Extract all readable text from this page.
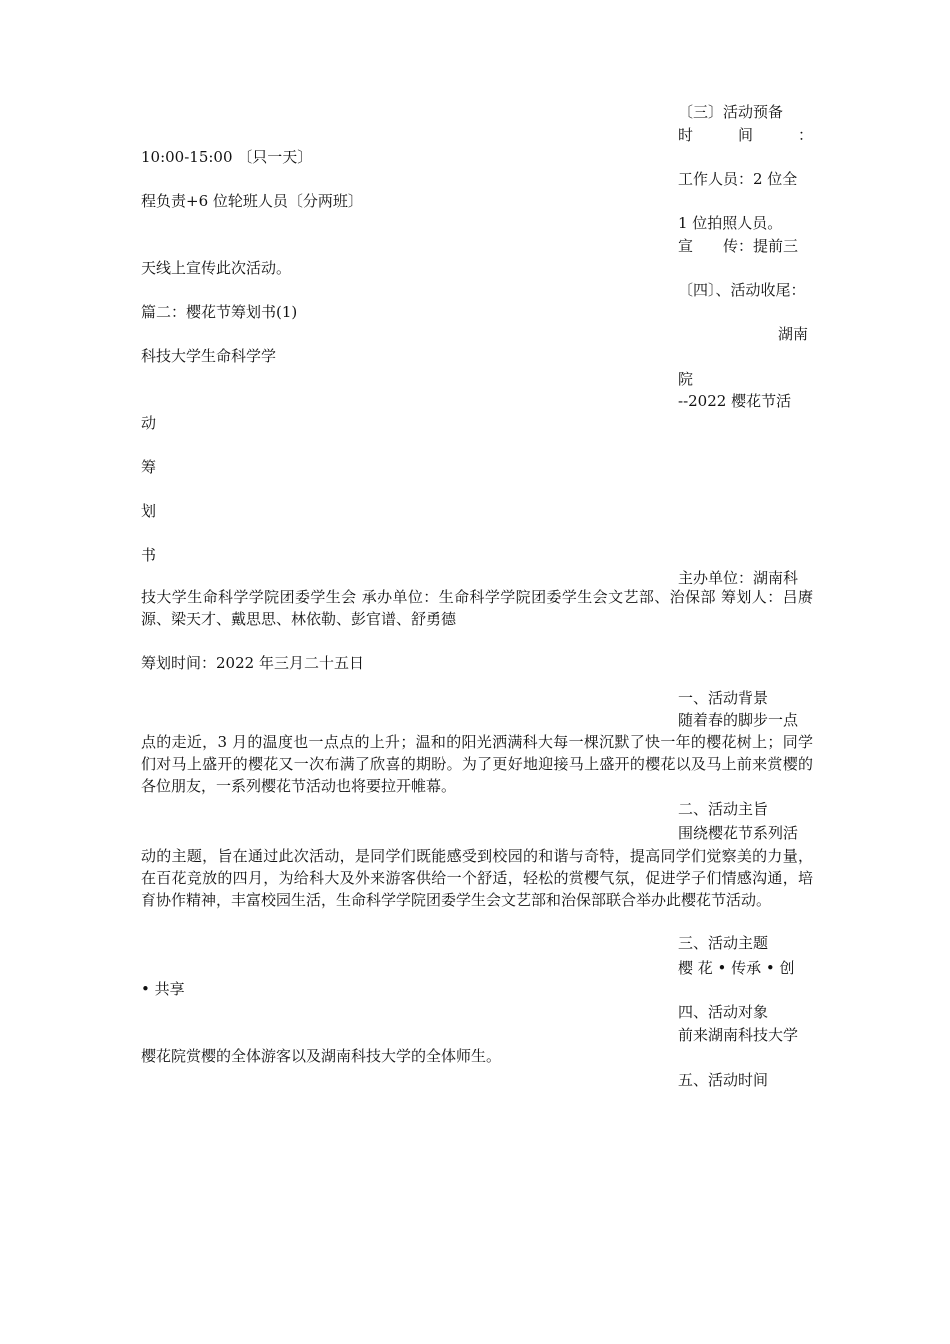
〔三〕活动预备
时	间	：
10:00-15:00 〔只一天〕
工作人员：2 位全
程负责+6 位轮班人员〔分两班〕
1 位拍照人员。
宣 传：提前三
天线上宣传此次活动。
〔四〕、活动收尾：
篇二：樱花节筹划书(1)
湖南
科技大学生命科学学
院
--2022 樱花节活
动
筹
划
书
主办单位：湖南科
技大学生命科学学院团委学生会 承办单位：生命科学学院团委学生会文艺部、治保部 筹划人：吕赓源、梁天才、戴思思、林依勒、彭官谱、舒勇德
筹划时间：2022 年三月二十五日
一、活动背景
随着春的脚步一点
点的走近，3 月的温度也一点点的上升；温和的阳光洒满科大每一棵沉默了快一年的樱花树上；同学们对马上盛开的樱花又一次布满了欣喜的期盼。为了更好地迎接马上盛开的樱花以及马上前来赏樱的各位朋友，一系列樱花节活动也将要拉开帷幕。
二、活动主旨
围绕樱花节系列活
动的主题，旨在通过此次活动，是同学们既能感受到校园的和谐与奇特，提高同学们觉察美的力量，在百花竞放的四月，为给科大及外来游客供给一个舒适，轻松的赏樱气氛，促进学子们情感沟通，培育协作精神，丰富校园生活，生命科学学院团委学生会文艺部和治保部联合举办此樱花节活动。
三、活动主题
樱 花 • 传承 • 创
• 共享
四、活动对象
前来湖南科技大学
樱花院赏樱的全体游客以及湖南科技大学的全体师生。
五、活动时间
